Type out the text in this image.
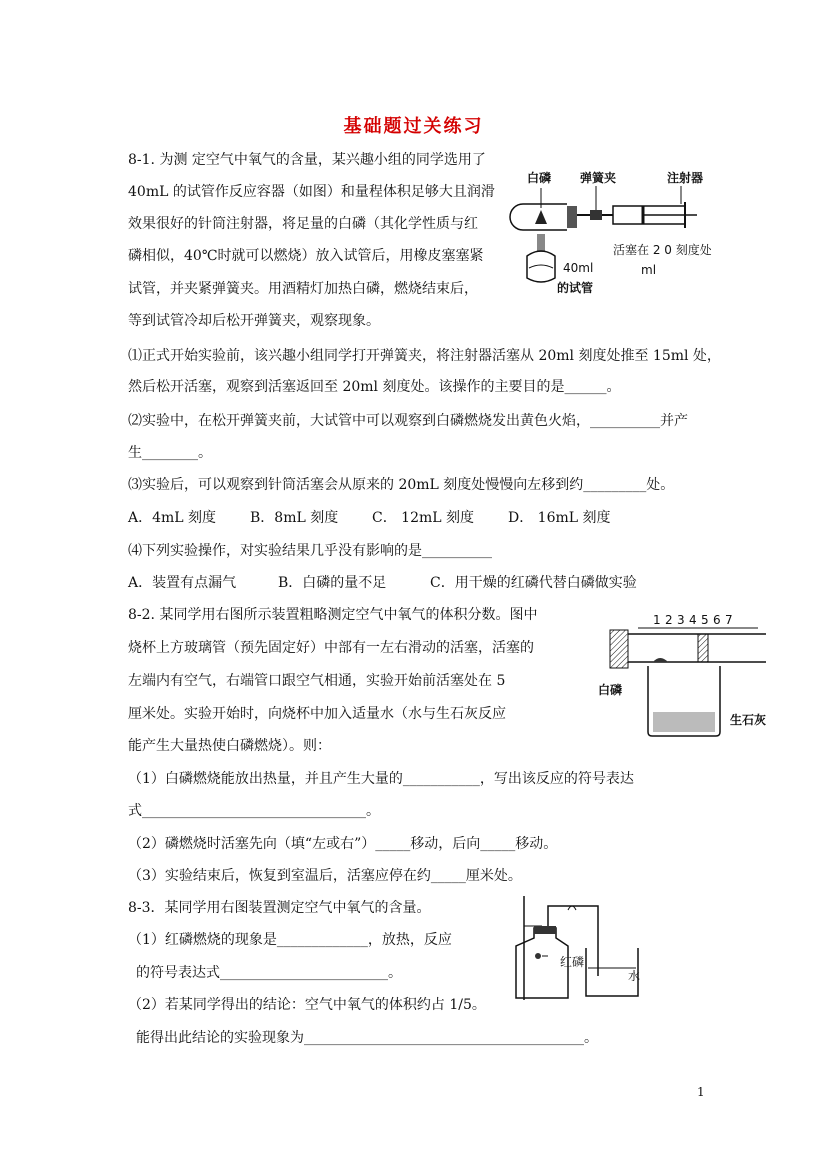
基础题过关练习
8-1. 为测 定空气中氧气的含量，某兴趣小组的同学选用了
40mL 的试管作反应容器（如图）和量程体积足够大且润滑
效果很好的针筒注射器，将足量的白磷（其化学性质与红
磷相似，40℃时就可以燃烧）放入试管后，用橡皮塞塞紧
试管，并夹紧弹簧夹。用酒精灯加热白磷，燃烧结束后，
等到试管冷却后松开弹簧夹，观察现象。
⑴正式开始实验前，该兴趣小组同学打开弹簧夹，将注射器活塞从 20ml 刻度处推至 15ml 处，
然后松开活塞，观察到活塞返回至 20ml 刻度处。该操作的主要目的是______。
⑵实验中，在松开弹簧夹前，大试管中可以观察到白磷燃烧发出黄色火焰，__________并产
生________。
⑶实验后，可以观察到针筒活塞会从原来的 20mL 刻度处慢慢向左移到约_________处。
A．4mL 刻度 B．8mL 刻度 C． 12mL 刻度 D． 16mL 刻度
⑷下列实验操作，对实验结果几乎没有影响的是__________
A．装置有点漏气	B．白磷的量不足	C．用干燥的红磷代替白磷做实验
白磷 弹簧夹	注射器
活塞在 2 0 刻度处
ml
40ml
的试管
8-2. 某同学用右图所示装置粗略测定空气中氧气的体积分数。图中
烧杯上方玻璃管（预先固定好）中部有一左右滑动的活塞，活塞的
左端内有空气，右端管口跟空气相通，实验开始前活塞处在 5
厘米处。实验开始时，向烧杯中加入适量水（水与生石灰反应
能产生大量热使白磷燃烧）。则：
（1）白磷燃烧能放出热量，并且产生大量的___________，写出该反应的符号表达
式________________________________。
（2）磷燃烧时活塞先向（填“左或右”）_____移动，后向_____移动。
（3）实验结束后，恢复到室温后，活塞应停在约_____厘米处。
1 2 3 4 5 6 7
白磷
生石灰
8-3．某同学用右图装置测定空气中氧气的含量。
（1）红磷燃烧的现象是_____________，放热，反应
的符号表达式________________________。
（2）若某同学得出的结论：空气中氧气的体积约占 1/5。
能得出此结论的实验现象为________________________________________。
红磷
水
1
